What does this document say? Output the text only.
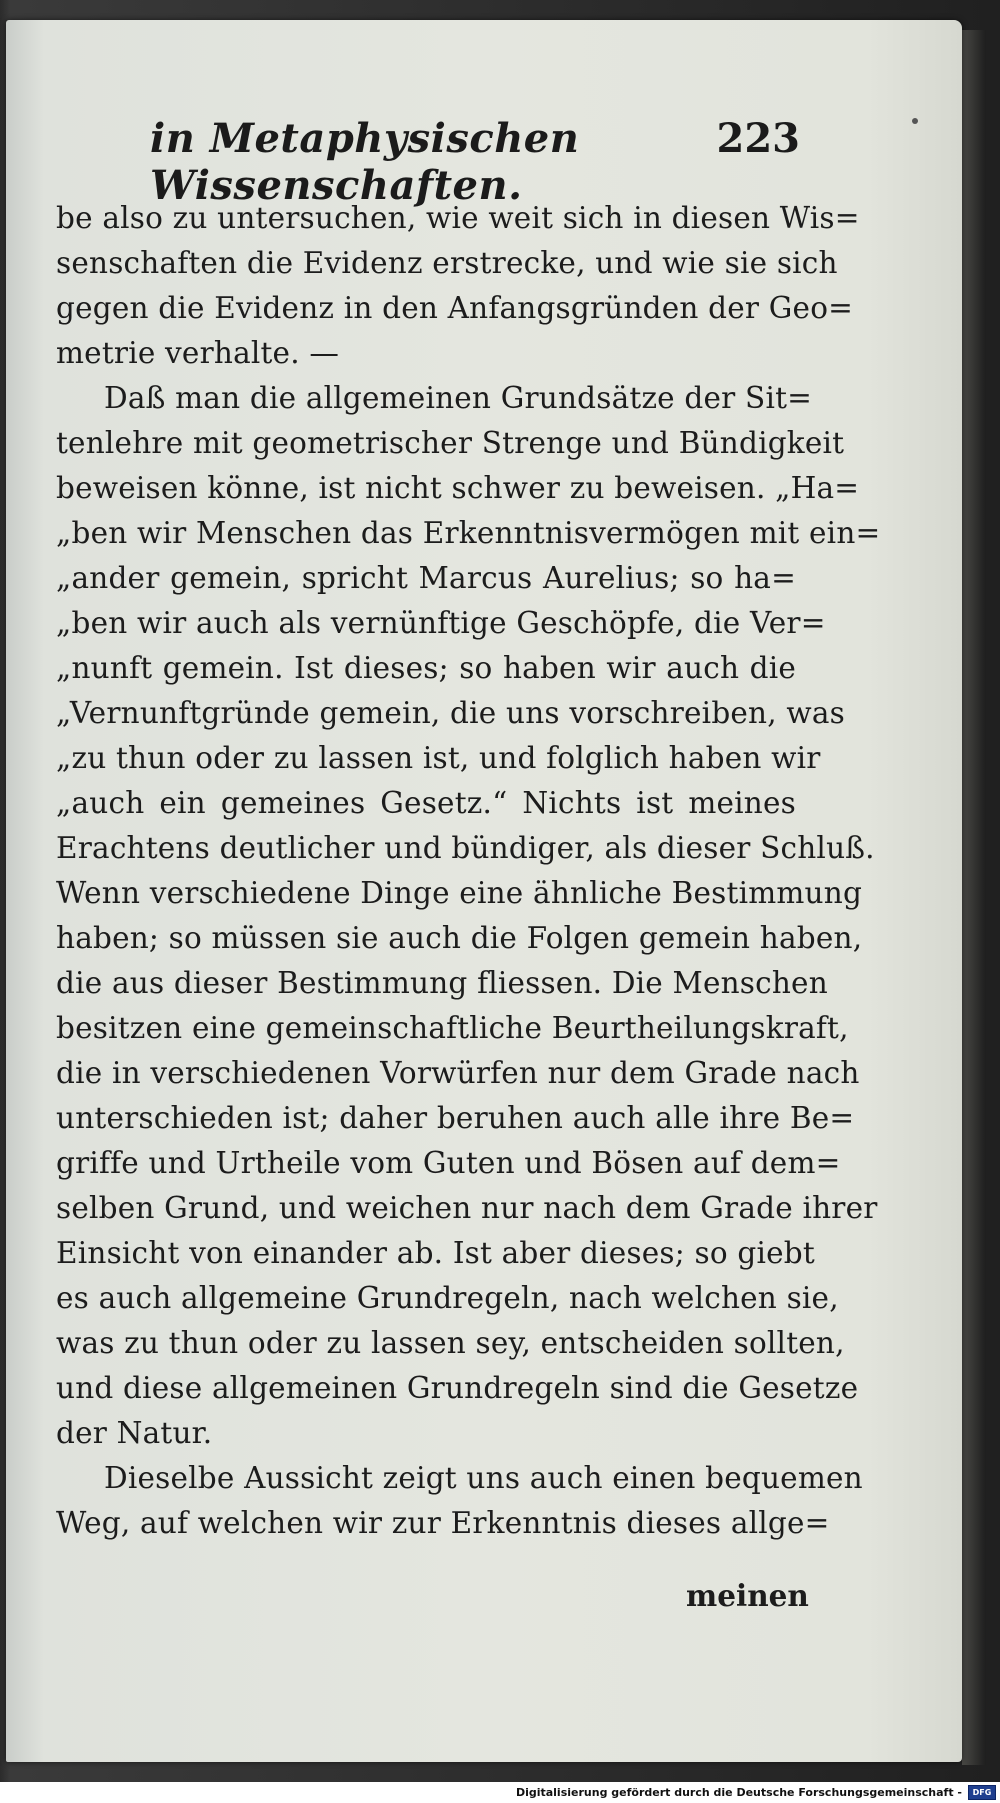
in Metaphysischen Wissenschaften.
223
be also zu untersuchen, wie weit sich in diesen Wis=
senschaften die Evidenz erstrecke, und wie sie sich
gegen die Evidenz in den Anfangsgründen der Geo=
metrie verhalte. —
Daß man die allgemeinen Grundsätze der Sit=
tenlehre mit geometrischer Strenge und Bündigkeit
beweisen könne, ist nicht schwer zu beweisen. „Ha=
„ben wir Menschen das Erkenntnisvermögen mit ein=
„ander gemein, spricht Marcus Aurelius; so ha=
„ben wir auch als vernünftige Geschöpfe, die Ver=
„nunft gemein. Ist dieses; so haben wir auch die
„Vernunftgründe gemein, die uns vorschreiben, was
„zu thun oder zu lassen ist, und folglich haben wir
„auch ein gemeines Gesetz.“ Nichts ist meines
Erachtens deutlicher und bündiger, als dieser Schluß.
Wenn verschiedene Dinge eine ähnliche Bestimmung
haben; so müssen sie auch die Folgen gemein haben,
die aus dieser Bestimmung fliessen. Die Menschen
besitzen eine gemeinschaftliche Beurtheilungskraft,
die in verschiedenen Vorwürfen nur dem Grade nach
unterschieden ist; daher beruhen auch alle ihre Be=
griffe und Urtheile vom Guten und Bösen auf dem=
selben Grund, und weichen nur nach dem Grade ihrer
Einsicht von einander ab. Ist aber dieses; so giebt
es auch allgemeine Grundregeln, nach welchen sie,
was zu thun oder zu lassen sey, entscheiden sollten,
und diese allgemeinen Grundregeln sind die Gesetze
der Natur.
Dieselbe Aussicht zeigt uns auch einen bequemen
Weg, auf welchen wir zur Erkenntnis dieses allge=
meinen
Digitalisierung gefördert durch die Deutsche Forschungsgemeinschaft -	DFG
